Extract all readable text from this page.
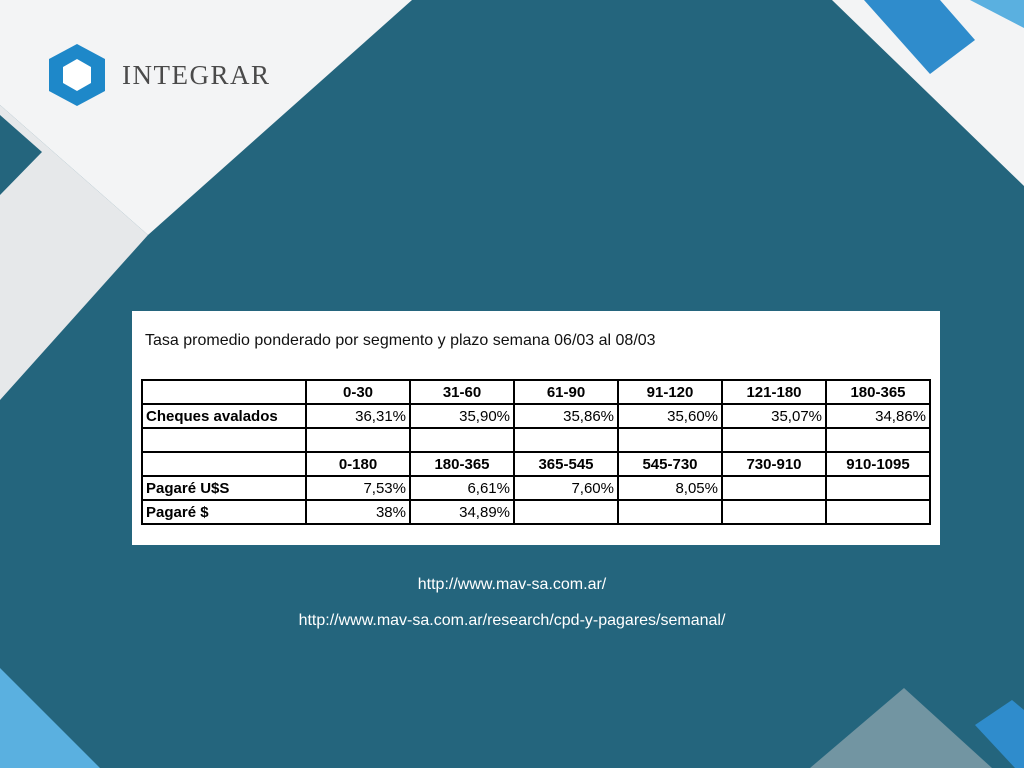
INTEGRAR
Tasa promedio ponderado por segmento y plazo semana 06/03 al 08/03
	0-30	31-60	61-90	91-120	121-180	180-365
Cheques avalados	36,31%	35,90%	35,86%	35,60%	35,07%	34,86%

	0-180	180-365	365-545	545-730	730-910	910-1095
Pagaré U$S	7,53%	6,61%	7,60%	8,05%		
Pagaré $	38%	34,89%				
http://www.mav-sa.com.ar/
http://www.mav-sa.com.ar/research/cpd-y-pagares/semanal/
